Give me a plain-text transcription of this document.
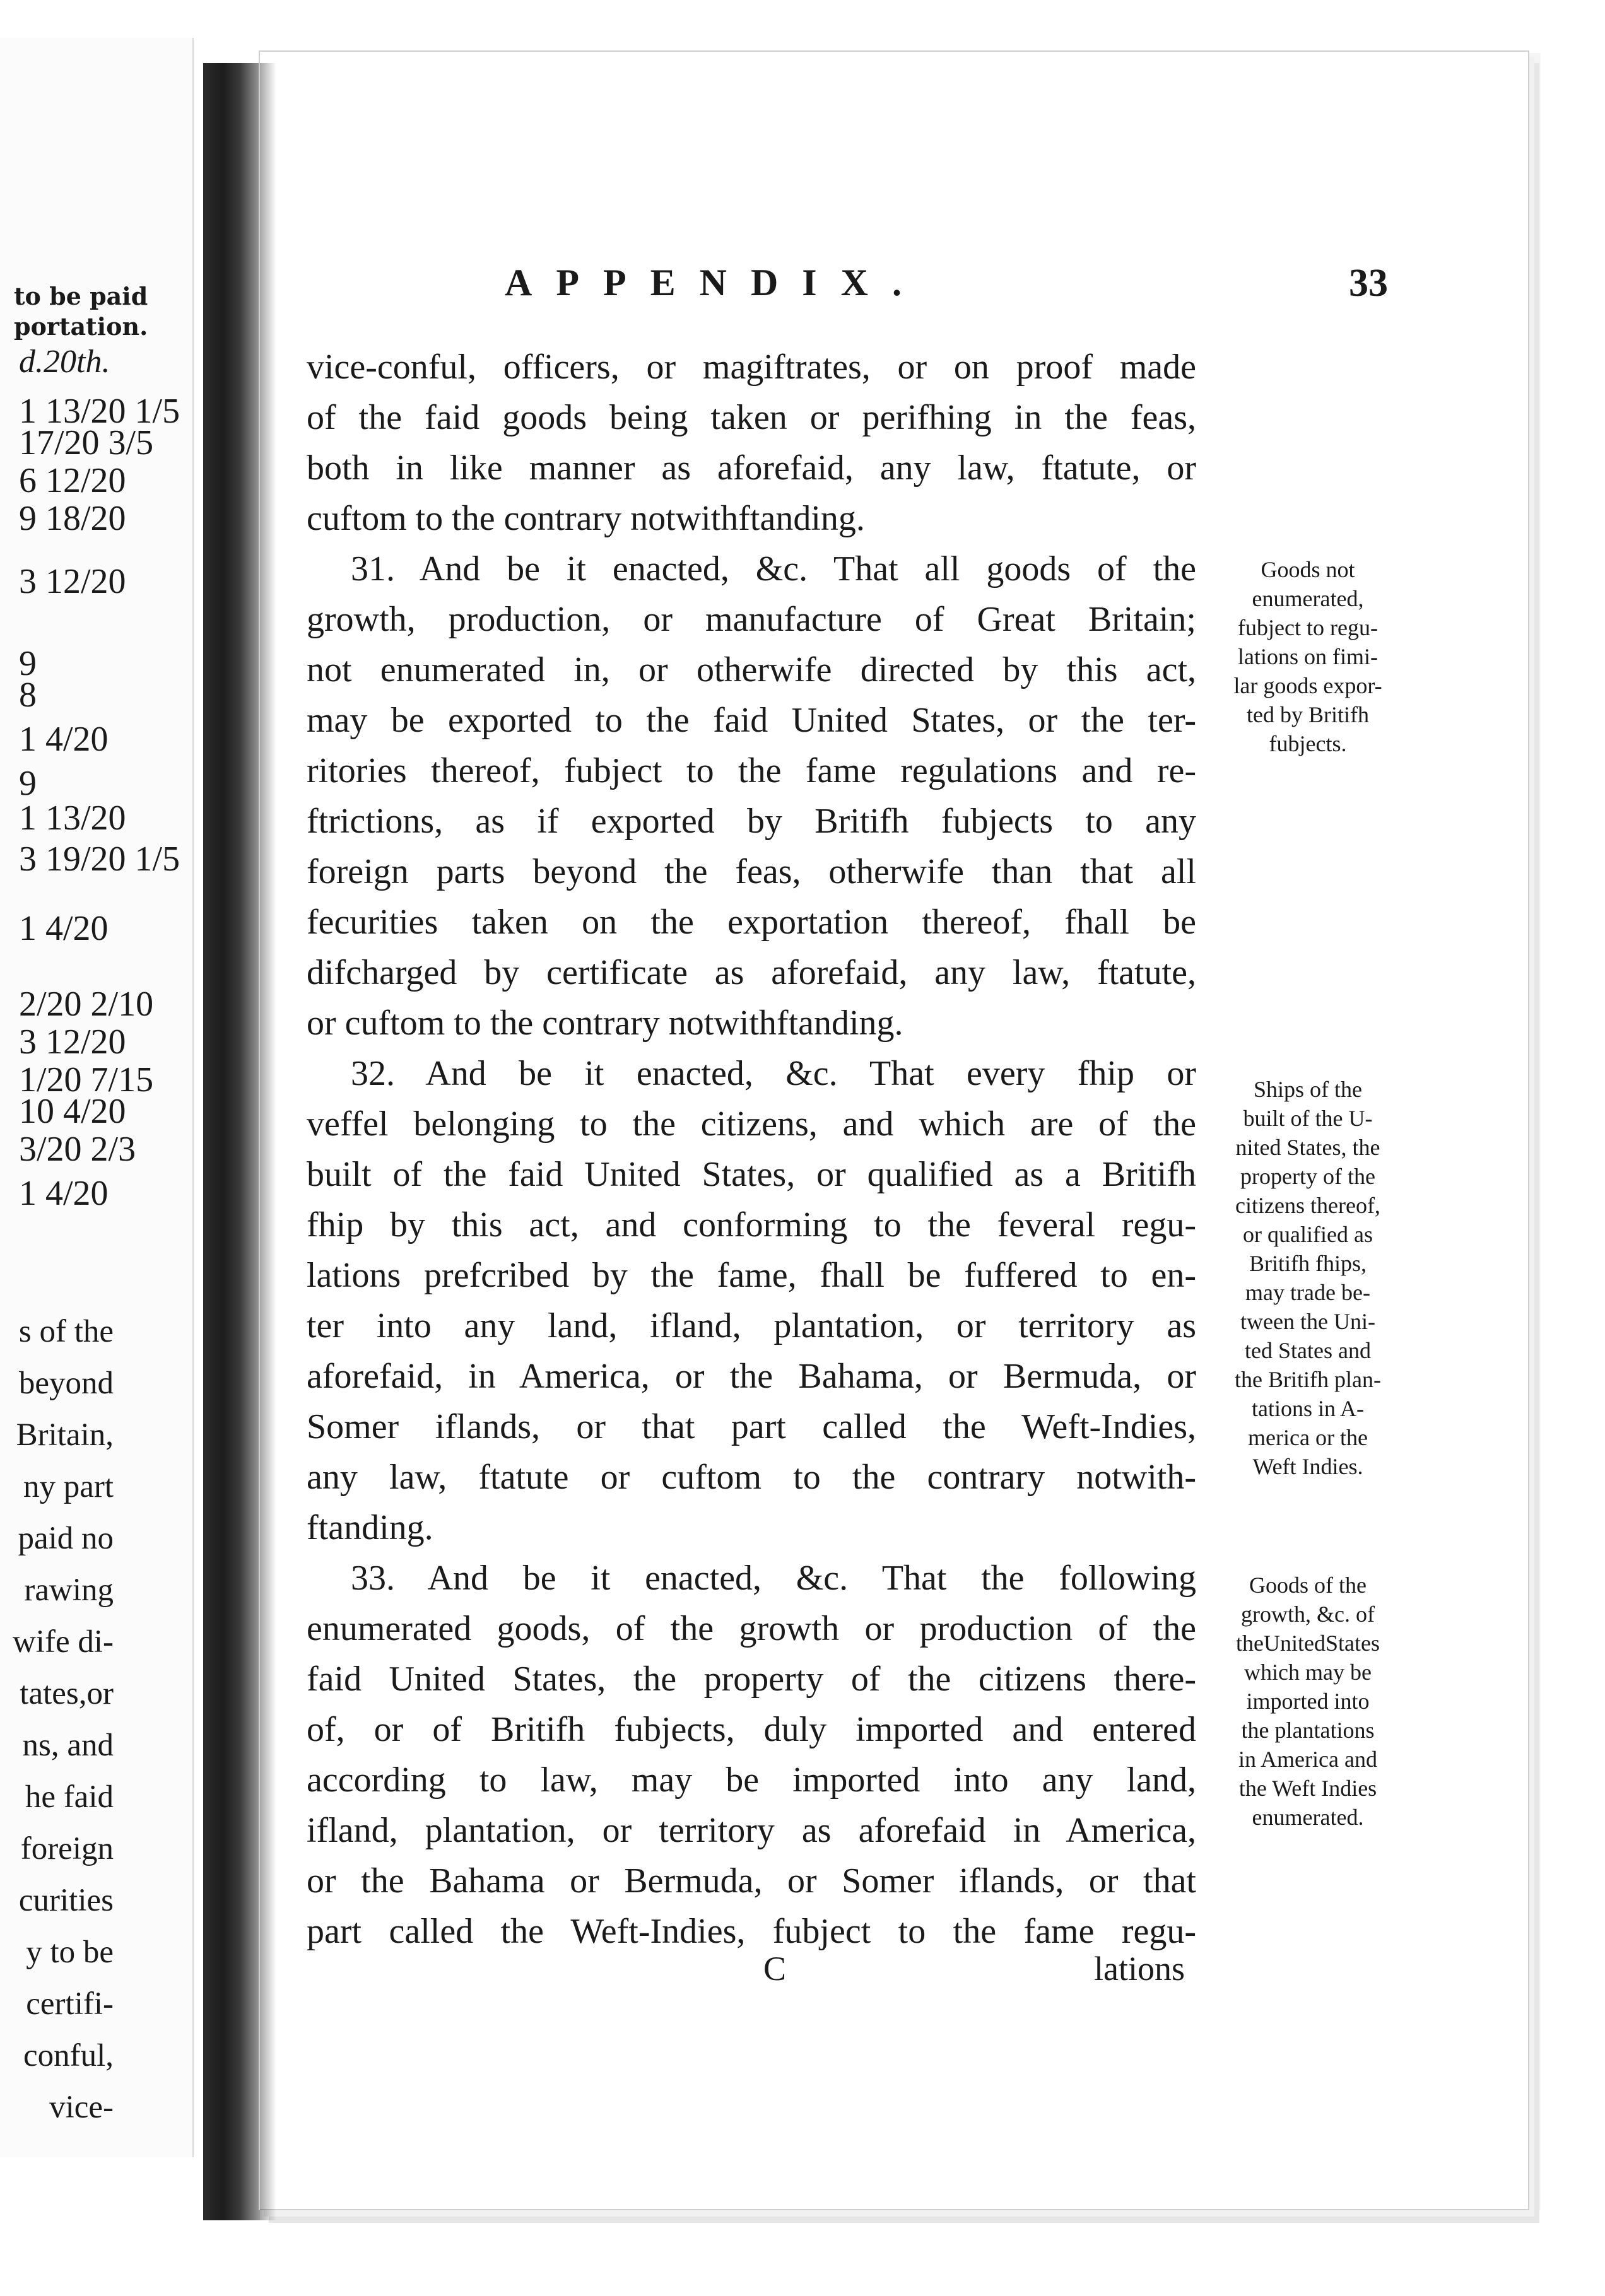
to be paid
portation.
d.20th.
1 13/20 1/5
17/20 3/5
6 12/20
9 18/20
3 12/20
9
8
1 4/20
9
1 13/20
3 19/20 1/5
1 4/20
2/20 2/10
3 12/20
1/20 7/15
10 4/20
3/20 2/3
1 4/20
s of the
beyond
Britain,
ny part
paid no
rawing
wife di-
tates,or
ns, and
he faid
foreign
curities
y to be
certifi-
conful,
vice-
APPENDIX.	33
vice-conful, officers, or magiftrates, or on proof made
of the faid goods being taken or perifhing in the feas,
both in like manner as aforefaid, any law, ftatute, or
cuftom to the contrary notwithftanding.
31. And be it enacted, &c. That all goods of the
growth, production, or manufacture of Great Britain;
not enumerated in, or otherwife directed by this act,
may be exported to the faid United States, or the ter-
ritories thereof, fubject to the fame regulations and re-
ftrictions, as if exported by Britifh fubjects to any
foreign parts beyond the feas, otherwife than that all
fecurities taken on the exportation thereof, fhall be
difcharged by certificate as aforefaid, any law, ftatute,
or cuftom to the contrary notwithftanding.
32. And be it enacted, &c. That every fhip or
veffel belonging to the citizens, and which are of the
built of the faid United States, or qualified as a Britifh
fhip by this act, and conforming to the feveral regu-
lations prefcribed by the fame, fhall be fuffered to en-
ter into any land, ifland, plantation, or territory as
aforefaid, in America, or the Bahama, or Bermuda, or
Somer iflands, or that part called the Weft-Indies,
any law, ftatute or cuftom to the contrary notwith-
ftanding.
33. And be it enacted, &c. That the following
enumerated goods, of the growth or production of the
faid United States, the property of the citizens there-
of, or of Britifh fubjects, duly imported and entered
according to law, may be imported into any land,
ifland, plantation, or territory as aforefaid in America,
or the Bahama or Bermuda, or Somer iflands, or that
part called the Weft-Indies, fubject to the fame regu-
Goods not
enumerated,
fubject to regu-
lations on fimi-
lar goods expor-
ted by Britifh
fubjects.
Ships of the
built of the U-
nited States, the
property of the
citizens thereof,
or qualified as
Britifh fhips,
may trade be-
tween the Uni-
ted States and
the Britifh plan-
tations in A-
merica or the
Weft Indies.
Goods of the
growth, &c. of
theUnitedStates
which may be
imported into
the plantations
in America and
the Weft Indies
enumerated.
C	lations
